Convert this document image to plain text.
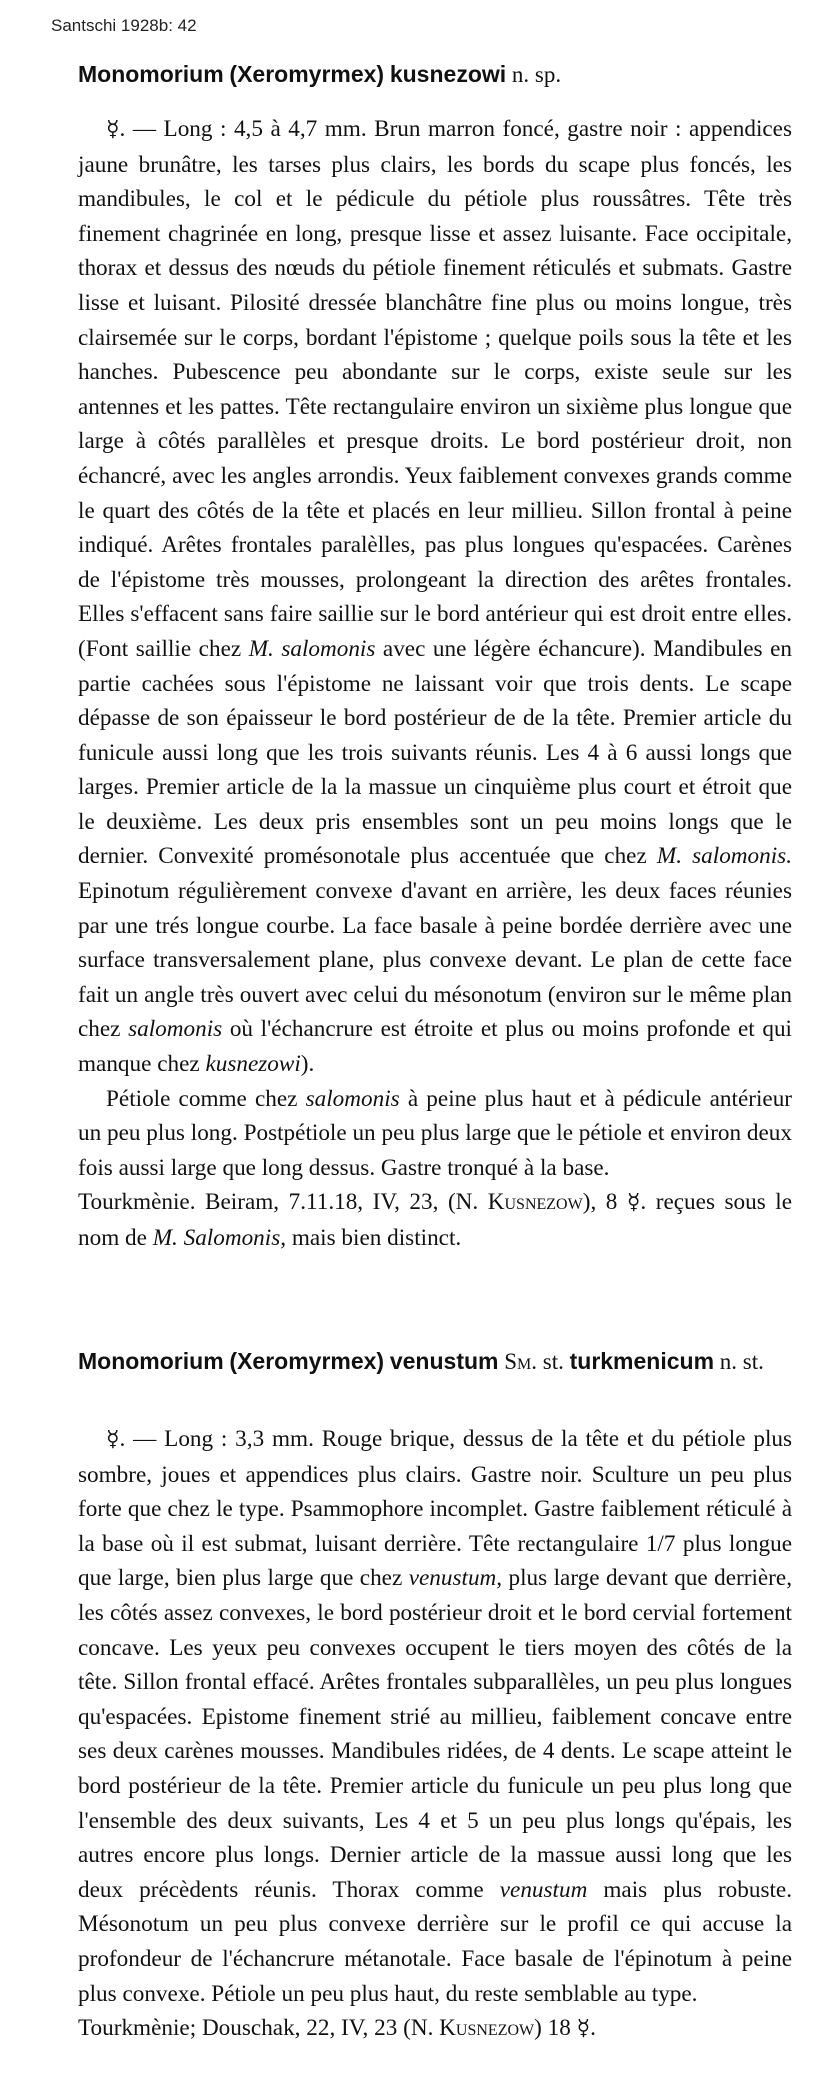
Santschi 1928b: 42

Monomorium (Xeromyrmex) kusnezowi n. sp.

☿. — Long : 4,5 à 4,7 mm. Brun marron foncé, gastre noir : appendices jaune brunâtre, les tarses plus clairs, les bords du scape plus foncés, les mandibules, le col et le pédicule du pétiole plus roussâtres. Tête très finement chagrinée en long, presque lisse et assez luisante. Face occipitale, thorax et dessus des nœuds du pétiole finement réticulés et submats. Gastre lisse et luisant. Pilosité dressée blanchâtre fine plus ou moins longue, très clairsemée sur le corps, bordant l'épistome ; quelque poils sous la tête et les hanches. Pubescence peu abondante sur le corps, existe seule sur les antennes et les pattes. Tête rectangulaire environ un sixième plus longue que large à côtés parallèles et presque droits. Le bord postérieur droit, non échancré, avec les angles arrondis. Yeux faiblement convexes grands comme le quart des côtés de la tête et placés en leur millieu. Sillon frontal à peine indiqué. Arêtes frontales paralèlles, pas plus longues qu'espacées. Carènes de l'épistome très mousses, prolongeant la direction des arêtes frontales. Elles s'effacent sans faire saillie sur le bord antérieur qui est droit entre elles. (Font saillie chez M. salomonis avec une légère échancure). Mandibules en partie cachées sous l'épistome ne laissant voir que trois dents. Le scape dépasse de son épaisseur le bord postérieur de de la tête. Premier article du funicule aussi long que les trois suivants réunis. Les 4 à 6 aussi longs que larges. Premier article de la la massue un cinquième plus court et étroit que le deuxième. Les deux pris ensembles sont un peu moins longs que le dernier. Convexité promésonotale plus accentuée que chez M. salomonis. Epinotum régulièrement convexe d'avant en arrière, les deux faces réunies par une trés longue courbe. La face basale à peine bordée derrière avec une surface transversalement plane, plus convexe devant. Le plan de cette face fait un angle très ouvert avec celui du mésonotum (environ sur le même plan chez salomonis où l'échancrure est étroite et plus ou moins profonde et qui manque chez kusnezowi).

Pétiole comme chez salomonis à peine plus haut et à pédicule antérieur un peu plus long. Postpétiole un peu plus large que le pétiole et environ deux fois aussi large que long dessus. Gastre tronqué à la base.

Tourkmènie. Beiram, 7.11.18, IV, 23, (N. Kusnezow), 8 ☿. reçues sous le nom de M. Salomonis, mais bien distinct.

Monomorium (Xeromyrmex) venustum Sm. st. turkmenicum n. st.

☿. — Long : 3,3 mm. Rouge brique, dessus de la tête et du pétiole plus sombre, joues et appendices plus clairs. Gastre noir. Sculture un peu plus forte que chez le type. Psammophore incomplet. Gastre faiblement réticulé à la base où il est submat, luisant derrière. Tête rectangulaire 1/7 plus longue que large, bien plus large que chez venustum, plus large devant que derrière, les côtés assez convexes, le bord postérieur droit et le bord cervial fortement concave. Les yeux peu convexes occupent le tiers moyen des côtés de la tête. Sillon frontal effacé. Arêtes frontales subparallèles, un peu plus longues qu'espacées. Epistome finement strié au millieu, faiblement concave entre ses deux carènes mousses. Mandibules ridées, de 4 dents. Le scape atteint le bord postérieur de la tête. Premier article du funicule un peu plus long que l'ensemble des deux suivants, Les 4 et 5 un peu plus longs qu'épais, les autres encore plus longs. Dernier article de la massue aussi long que les deux précèdents réunis. Thorax comme venustum mais plus robuste. Mésonotum un peu plus convexe derrière sur le profil ce qui accuse la profondeur de l'échancrure métanotale. Face basale de l'épinotum à peine plus convexe. Pétiole un peu plus haut, du reste semblable au type.

Tourkmènie; Douschak, 22, IV, 23 (N. Kusnezow) 18 ☿.
